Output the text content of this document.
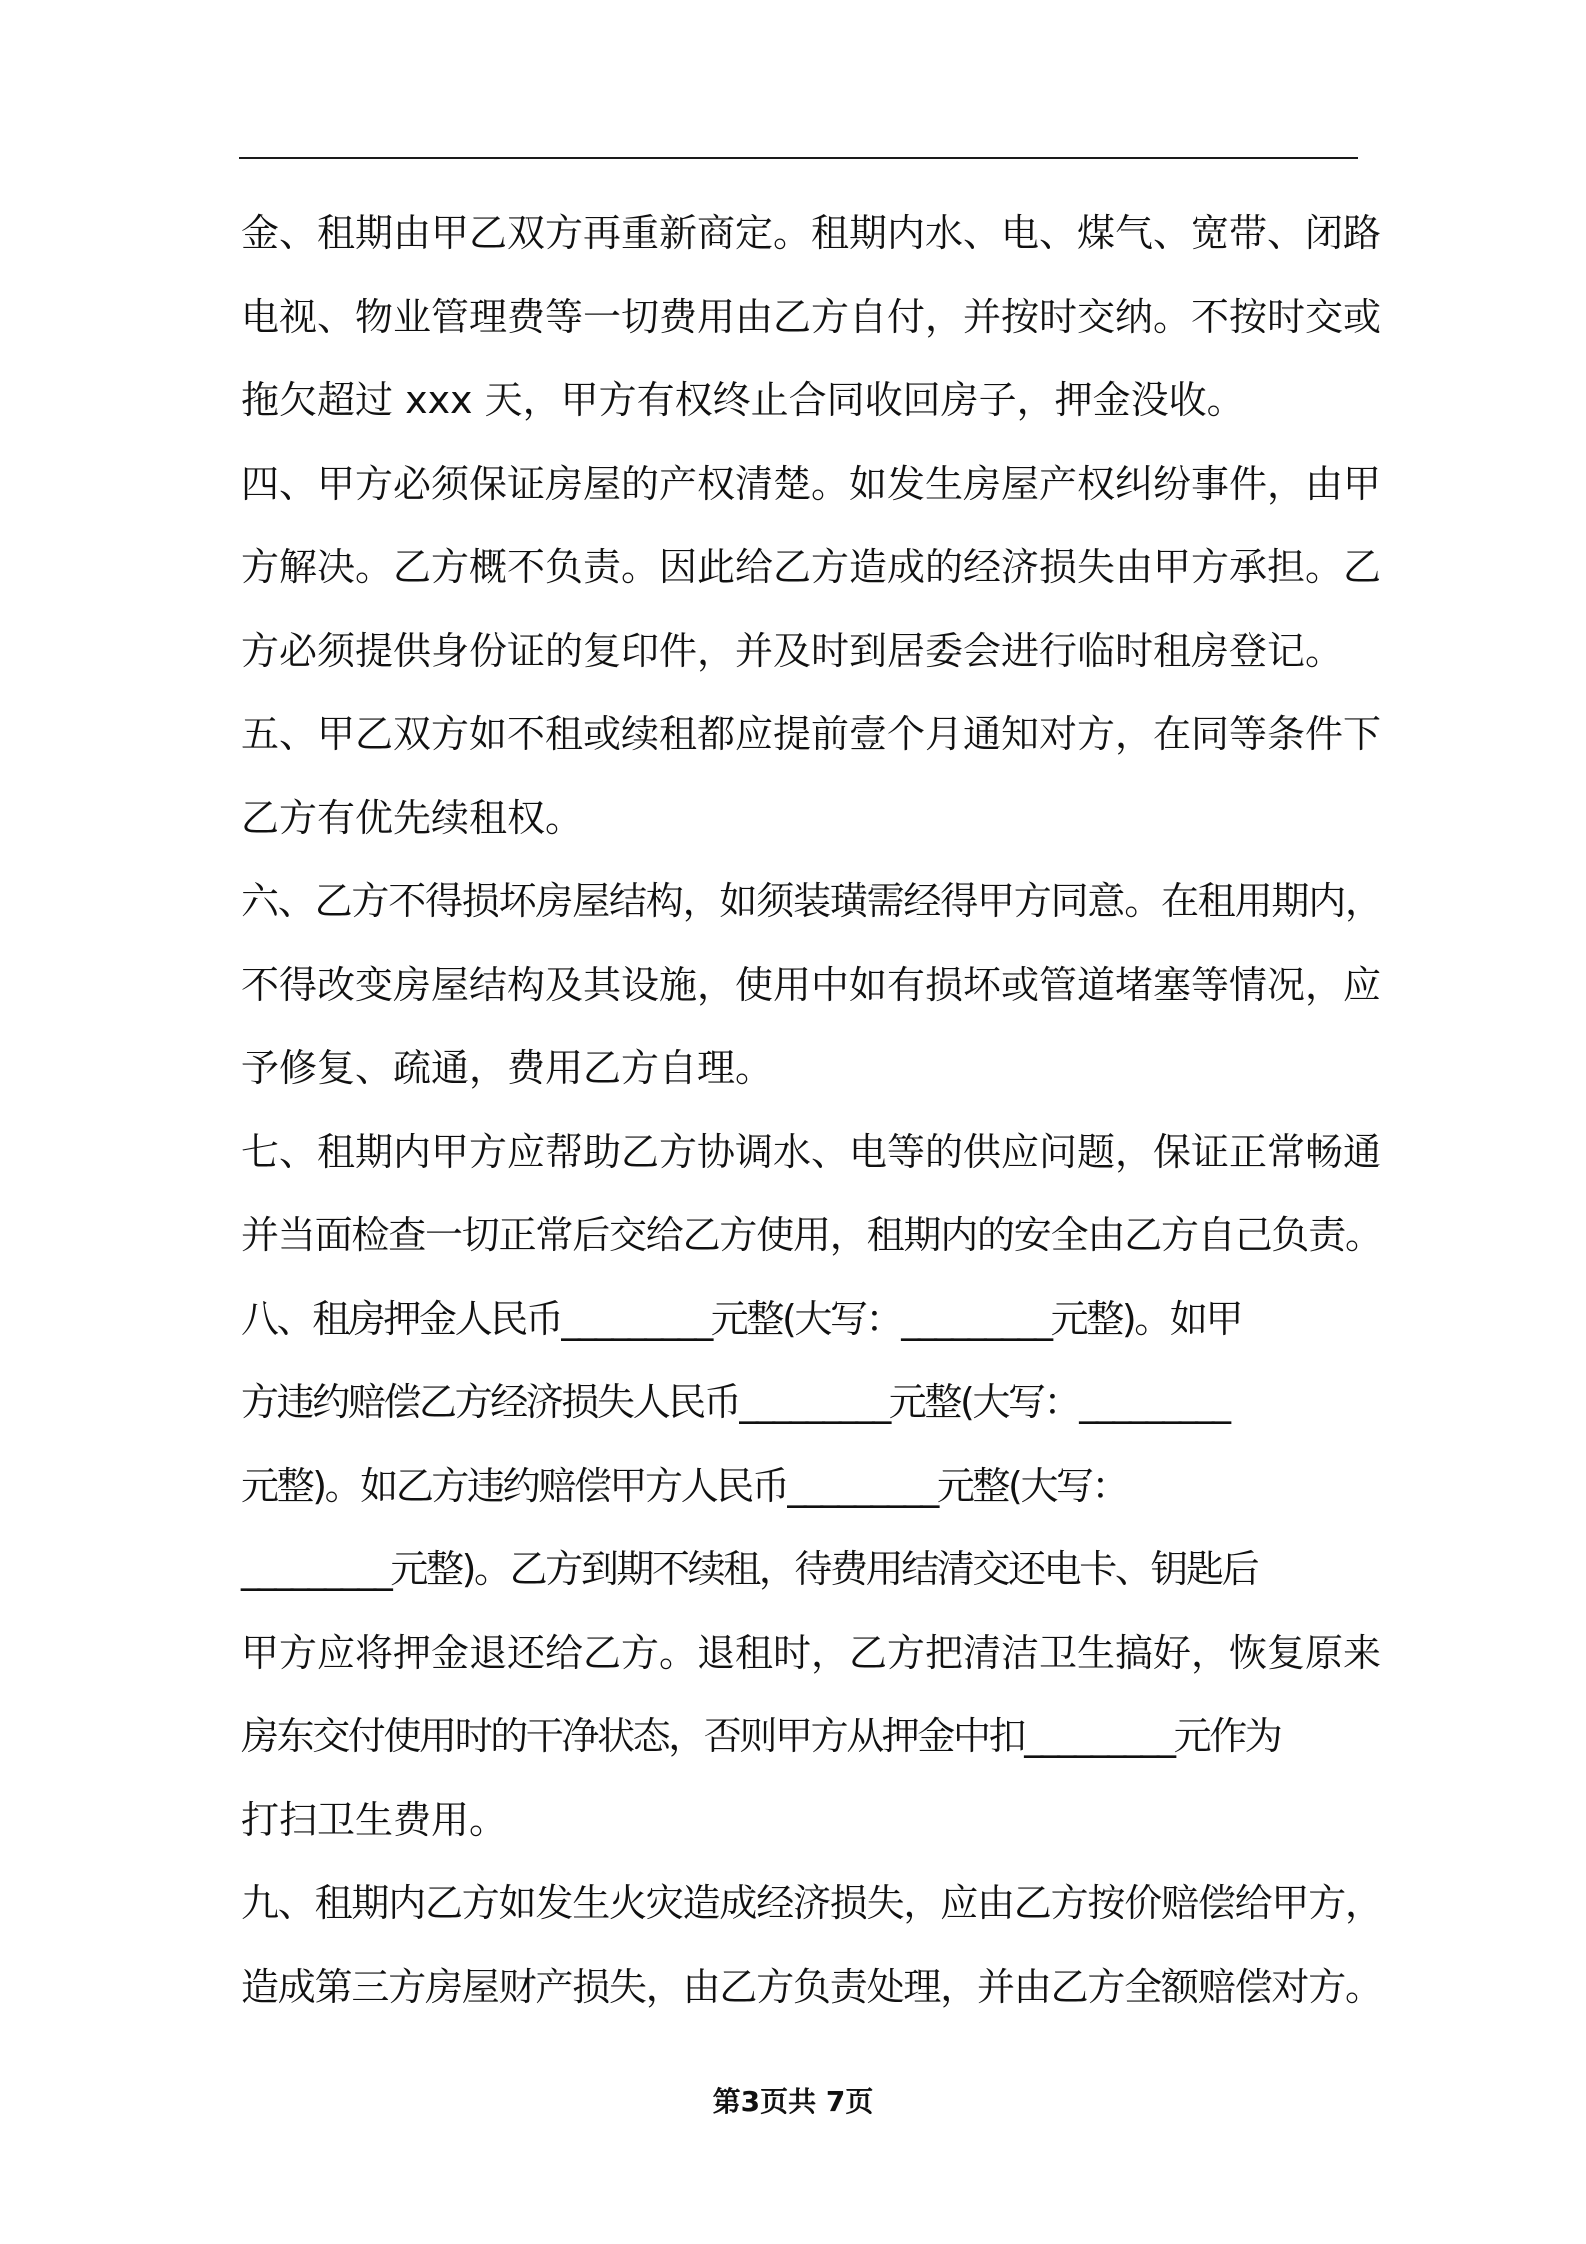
金、租期由甲乙双方再重新商定。租期内水、电、煤气、宽带、闭路
电视、物业管理费等一切费用由乙方自付，并按时交纳。不按时交或
拖欠超过 xxx 天，甲方有权终止合同收回房子，押金没收。
四、甲方必须保证房屋的产权清楚。如发生房屋产权纠纷事件，由甲
方解决。乙方概不负责。因此给乙方造成的经济损失由甲方承担。乙
方必须提供身份证的复印件，并及时到居委会进行临时租房登记。
五、甲乙双方如不租或续租都应提前壹个月通知对方，在同等条件下
乙方有优先续租权。
六、乙方不得损坏房屋结构，如须装璜需经得甲方同意。在租用期内，
不得改变房屋结构及其设施，使用中如有损坏或管道堵塞等情况，应
予修复、疏通，费用乙方自理。
七、租期内甲方应帮助乙方协调水、电等的供应问题，保证正常畅通
并当面检查一切正常后交给乙方使用，租期内的安全由乙方自己负责。
八、租房押金人民币_________元整(大写：_________元整)。如甲
方违约赔偿乙方经济损失人民币_________元整(大写：_________
元整)。如乙方违约赔偿甲方人民币_________元整(大写：
_________元整)。乙方到期不续租，待费用结清交还电卡、钥匙后
甲方应将押金退还给乙方。退租时，乙方把清洁卫生搞好，恢复原来
房东交付使用时的干净状态，否则甲方从押金中扣_________元作为
打扫卫生费用。
九、租期内乙方如发生火灾造成经济损失，应由乙方按价赔偿给甲方，
造成第三方房屋财产损失，由乙方负责处理，并由乙方全额赔偿对方。
第3页共 7页
